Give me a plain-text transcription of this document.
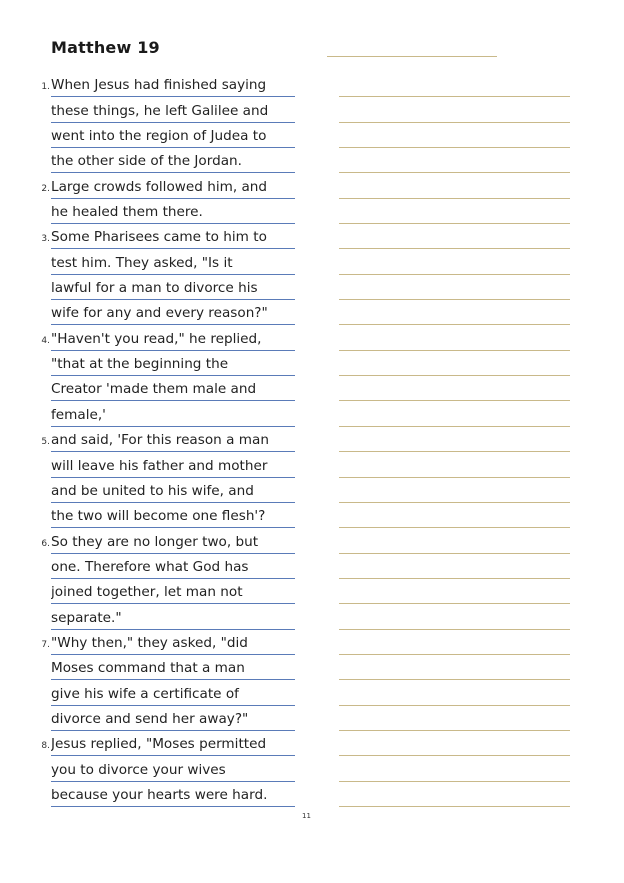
Matthew 19
1. When Jesus had finished saying
these things, he left Galilee and
went into the region of Judea to
the other side of the Jordan.
2. Large crowds followed him, and
he healed them there.
3. Some Pharisees came to him to
test him. They asked, "Is it
lawful for a man to divorce his
wife for any and every reason?"
4. "Haven't you read," he replied,
"that at the beginning the
Creator 'made them male and
female,'
5. and said, 'For this reason a man
will leave his father and mother
and be united to his wife, and
the two will become one flesh'?
6. So they are no longer two, but
one. Therefore what God has
joined together, let man not
separate."
7. "Why then," they asked, "did
Moses command that a man
give his wife a certificate of
divorce and send her away?"
8. Jesus replied, "Moses permitted
you to divorce your wives
because your hearts were hard.
11
